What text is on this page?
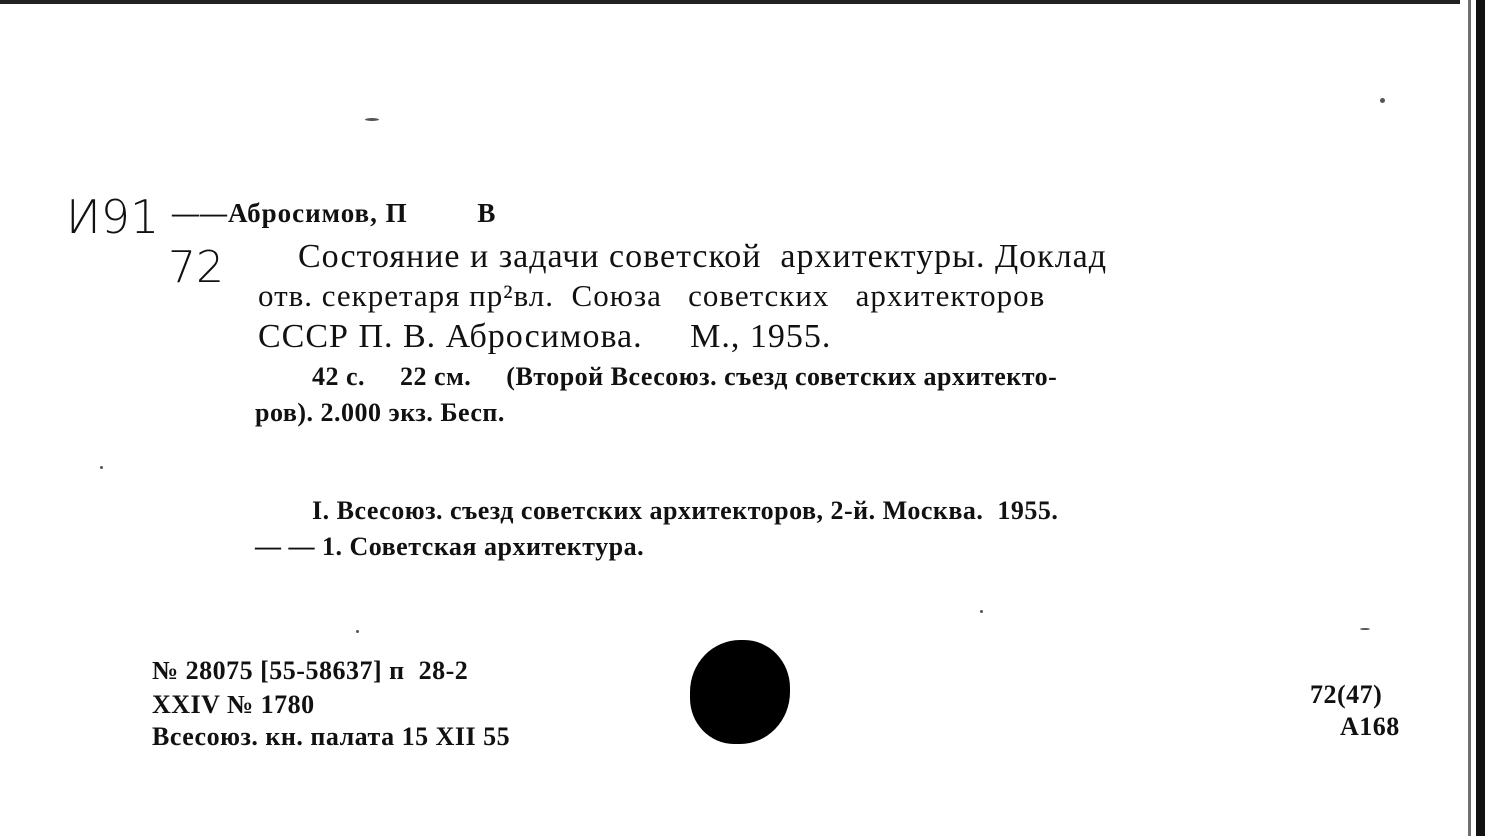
И91
72
——Абросимов, П         В
Состояние и задачи советской  архитектуры. Доклад
отв. секретаря пр²вл.  Союза   советских   архитекторов
СССР П. В. Абросимова.     М., 1955.
42 с.     22 см.     (Второй Всесоюз. съезд советских архитекто-
ров). 2.000 экз. Бесп.
I. Всесоюз. съезд советских архитекторов, 2-й. Москва.  1955.
— — 1. Советская архитектура.
№ 28075 [55-58637] п  28-2
XXIV № 1780
Всесоюз. кн. палата 15 XII 55
72(47)
А168
